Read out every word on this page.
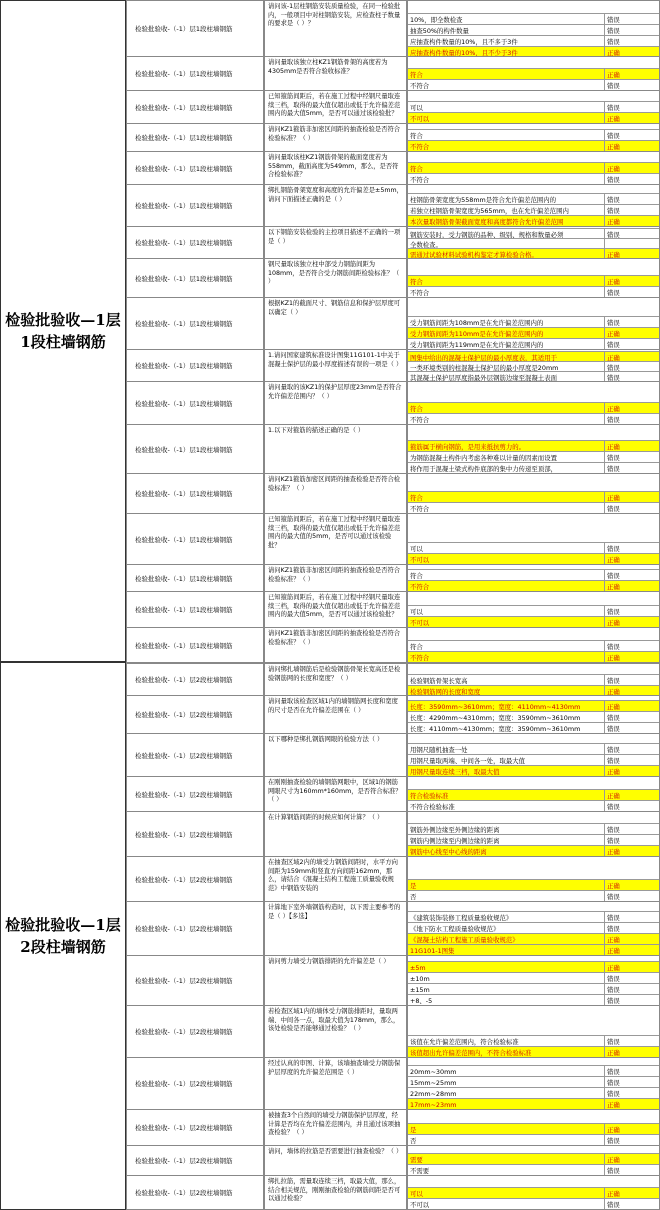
检验批验收—1层
1段柱墙钢筋
检验批验收—1层
2段柱墙钢筋
检验批验收-（-1）层1段柱墙钢筋
请问该-1层柱钢筋安装质量检验，在同一检验批内，一般项目中对柱钢筋安装，应检查柱子数量的要求是（ ）？	10%，即全数检查	错误
抽查50%的构件数量	错误
应抽查构件数量的10%，且不多于3件	错误
应抽查构件数量的10%，且不少于3件	正确
检验批验收-（-1）层1段柱墙钢筋
请问量取该独立柱KZ1钢筋骨架的高度若为4305mm是否符合验收标准？	符合	正确
不符合	错误
检验批验收-（-1）层1段柱墙钢筋
已知箍筋间距后，若在施工过程中经钢尺量取连续三档，取得的最大值仅超出或低于允许偏差范围内的最大值5mm，是否可以通过该检验批？
可以	错误
不可以	正确
检验批验收-（-1）层1段柱墙钢筋
请问KZ1箍筋非加密区间距的抽查检验是否符合检验标准？（ ）	符合	错误
不符合	正确
检验批验收-（-1）层1段柱墙钢筋
请问量取该柱KZ1钢筋骨架的截面宽度若为558mm，截面高度为549mm，那么，是否符合检验标准？
符合	正确
不符合	错误
检验批验收-（-1）层1段柱墙钢筋
绑扎钢筋骨架宽度和高度的允许偏差是±5mm，请问下面描述正确的是（ ）	柱钢筋骨架宽度为558mm是符合允许偏差范围内的	错误
若独立柱钢筋骨架宽度为565mm，也在允许偏差范围内	错误
本次量取钢筋骨架截面宽度和高度都符合允许偏差范围	正确
检验批验收-（-1）层1段柱墙钢筋
以下钢筋安装检验的主控项目描述不正确的一项是（ ）
钢筋安装时，受力钢筋的品种、级别、规格和数量必须	错误
全数检查。
需通过试验材料试验机构鉴定才算检验合格。	正确
检验批验收-（-1）层1段柱墙钢筋
钢尺量取该独立柱中部受力钢筋间距为108mm，是否符合受力钢筋间距检验标准？（ ）	符合	正确
不符合	错误
检验批验收-（-1）层1段柱墙钢筋
根据KZ1的截面尺寸、钢筋信息和保护层厚度可以确定（ ）
受力钢筋间距为108mm是在允许偏差范围内的	错误
受力钢筋间距为110mm是在允许偏差范围内的	正确
受力钢筋间距为119mm是在允许偏差范围内的	错误
检验批验收-（-1）层1段柱墙钢筋
1.请问国家建筑标准设计图集11G101-1中关于混凝土保护层的最小厚度描述有误的一项是（ ）
图集中给出的混凝土保护层的最小厚度表，其适用于	正确
一类环境类别的柱混凝土保护层的最小厚度是20mm	错误
其混凝土保护层厚度指最外层钢筋边缘至混凝土表面	错误
检验批验收-（-1）层1段柱墙钢筋
请问量取的该KZ1的保护层厚度23mm是否符合允许偏差范围内？（ ）
符合	正确
不符合	错误
检验批验收-（-1）层1段柱墙钢筋
1.以下对箍筋的描述正确的是（ ）
箍筋属于横向钢筋，是用来抵抗剪力的。	正确
为钢筋混凝土构件内考虑各种难以计量的因素而设置	错误
将作用于混凝土梁式构件底部的集中力传递至顶部，	错误
检验批验收-（-1）层1段柱墙钢筋
请问KZ1箍筋加密区间距的抽查检验是否符合检验标准？（ ）
符合	正确
不符合	错误
检验批验收-（-1）层1段柱墙钢筋
已知箍筋间距后，若在施工过程中经钢尺量取连续三档，取得的最大值仅超出或低于允许偏差范围内的最大值的5mm，是否可以通过该检验批？	可以	错误
不可以	正确
检验批验收-（-1）层1段柱墙钢筋
请问KZ1箍筋非加密区间距的抽查检验是否符合检验标准？（ ）	符合	错误
不符合	正确
检验批验收-（-1）层1段柱墙钢筋
已知箍筋间距后，若在施工过程中经钢尺量取连续三档，取得的最大值仅超出或低于允许偏差范围内的最大值5mm，是否可以通过该检验批？	可以	错误
不可以	正确
检验批验收-（-1）层1段柱墙钢筋
请问KZ1箍筋非加密区间距的抽查检验是否符合检验标准？（ ）
符合	错误
不符合	正确
检验批验收-（-1）层2段柱墙钢筋
请问绑扎墙钢筋后是检验钢筋骨架长宽高还是检验钢筋网的长度和宽度？（ ）	检验钢筋骨架长宽高	错误
检验钢筋网的长度和宽度	正确
检验批验收-（-1）层2段柱墙钢筋
请问量取该检查区域1内的墙钢筋网长度和宽度的尺寸是否在允许偏差范围在（ ）	长度：3590mm~3610mm；宽度：4110mm~4130mm	正确
长度：4290mm~4310mm；宽度：3590mm~3610mm	错误
长度：4110mm~4130mm；宽度：3590mm~3610mm	错误
检验批验收-（-1）层2段柱墙钢筋
以下哪种是绑扎钢筋网眼的检验方法（ ）
用钢尺随机抽查一处	错误
用钢尺量取两端、中间各一处，取最大值	错误
用钢尺量取连续三档，取最大值	正确
检验批验收-（-1）层2段柱墙钢筋
在刚刚抽查检验的墙钢筋网眼中，区域1的钢筋网眼尺寸为160mm*160mm，是否符合标准？（ ）	符合检验标准	正确
不符合检验标准	错误
检验批验收-（-1）层2段柱墙钢筋
在计算钢筋间距的时候应如何计算？（ ）
钢筋外侧边缘至外侧边缘的距离	错误
钢筋内侧边缘至内侧边缘的距离	错误
钢筋中心线至中心线的距离	正确
检验批验收-（-1）层2段柱墙钢筋
在抽查区域2内的墙受力钢筋间距时，水平方向间距为159mm和竖直方向间距162mm，那么，请结合《混凝土结构工程施工质量验收规范》中钢筋安装的	是	正确
否	错误
检验批验收-（-1）层2段柱墙钢筋
计算地下室外墙钢筋构造时，以下需主要参考的是（ ）【多选】	《建筑装饰装修工程质量验收规范》	错误
《地下防水工程质量验收规范》	错误
《混凝土结构工程施工质量验收规范》	正确
11G101-1图集	正确
检验批验收-（-1）层2段柱墙钢筋
请问剪力墙受力钢筋排距的允许偏差是（ ）
±5m	正确
±10m	错误
±15m	错误
+8、-5	错误
检验批验收-（-1）层2段柱墙钢筋
若检查区域1内的墙体受力钢筋排距时，量取两端、中间各一点，取最大值为178mm，那么，该处检验是否能够通过检验？（ ）
该值在允许偏差范围内，符合检验标准	错误
该值超出允许偏差范围内，不符合检验标准	正确
检验批验收-（-1）层2段柱墙钢筋
经过认真的审图、计算，该墙抽查墙受力钢筋保护层厚度的允许偏差范围是（ ）	20mm~30mm	错误
15mm~25mm	错误
22mm~28mm	错误
17mm~23mm	正确
检验批验收-（-1）层2段柱墙钢筋
被抽查3个自然间的墙受力钢筋保护层厚度，经计算是否均在允许偏差范围内，并且通过该项抽查检验？（ ）	是	正确
否	错误
检验批验收-（-1）层2段柱墙钢筋
请问，墙体的拉筋是否需要进行抽查检验？（ ）
需要	正确
不需要	错误
检验批验收-（-1）层2段柱墙钢筋
绑扎拉筋，需量取连续三档，取最大值，那么，结合相关规范，刚刚抽查检验的钢筋间距是否可以通过检验？
可以	正确
不可以	错误
